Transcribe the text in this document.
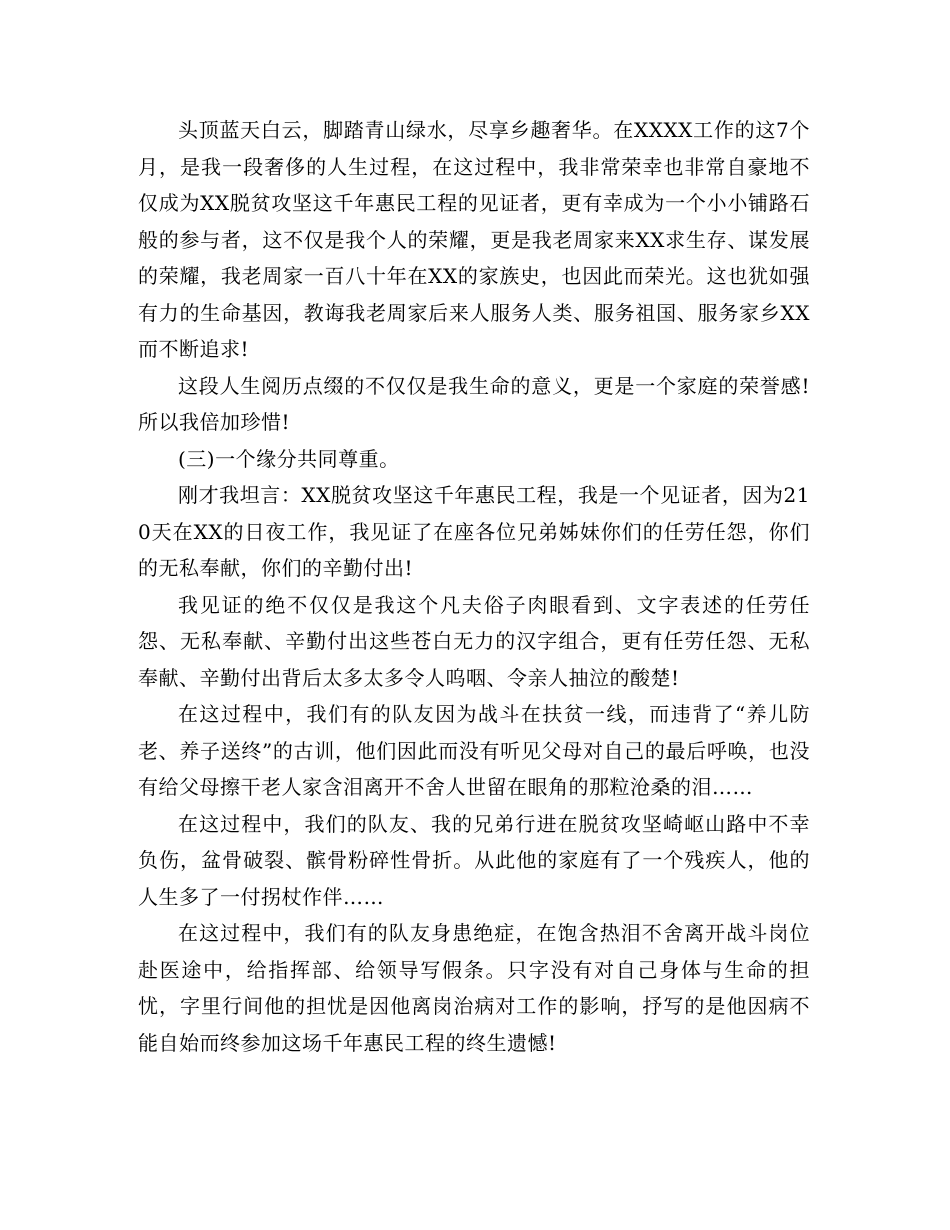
头顶蓝天白云，脚踏青山绿水，尽享乡趣奢华。在XXXX工作的这7个月，是我一段奢侈的人生过程，在这过程中，我非常荣幸也非常自豪地不仅成为XX脱贫攻坚这千年惠民工程的见证者，更有幸成为一个小小铺路石般的参与者，这不仅是我个人的荣耀，更是我老周家来XX求生存、谋发展的荣耀，我老周家一百八十年在XX的家族史，也因此而荣光。这也犹如强有力的生命基因，教诲我老周家后来人服务人类、服务祖国、服务家乡XX而不断追求!

这段人生阅历点缀的不仅仅是我生命的意义，更是一个家庭的荣誉感!所以我倍加珍惜!

(三)一个缘分共同尊重。

刚才我坦言：XX脱贫攻坚这千年惠民工程，我是一个见证者，因为210天在XX的日夜工作，我见证了在座各位兄弟姊妹你们的任劳任怨，你们的无私奉献，你们的辛勤付出!

我见证的绝不仅仅是我这个凡夫俗子肉眼看到、文字表述的任劳任怨、无私奉献、辛勤付出这些苍白无力的汉字组合，更有任劳任怨、无私奉献、辛勤付出背后太多太多令人呜咽、令亲人抽泣的酸楚!

在这过程中，我们有的队友因为战斗在扶贫一线，而违背了“养儿防老、养子送终”的古训，他们因此而没有听见父母对自己的最后呼唤，也没有给父母擦干老人家含泪离开不舍人世留在眼角的那粒沧桑的泪……

在这过程中，我们的队友、我的兄弟行进在脱贫攻坚崎岖山路中不幸负伤，盆骨破裂、髌骨粉碎性骨折。从此他的家庭有了一个残疾人，他的人生多了一付拐杖作伴……

在这过程中，我们有的队友身患绝症，在饱含热泪不舍离开战斗岗位赴医途中，给指挥部、给领导写假条。只字没有对自己身体与生命的担忧，字里行间他的担忧是因他离岗治病对工作的影响，抒写的是他因病不能自始而终参加这场千年惠民工程的终生遗憾!
